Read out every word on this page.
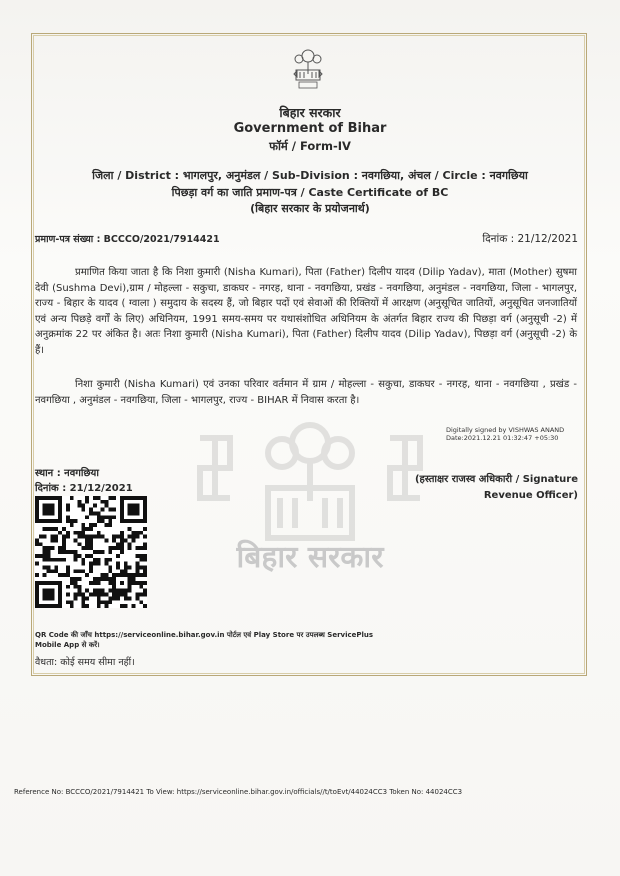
बिहार सरकार
बिहार सरकार
Government of Bihar
फॉर्म / Form-IV
जिला / District : भागलपुर, अनुमंडल / Sub-Division : नवगछिया, अंचल / Circle : नवगछिया
पिछड़ा वर्ग का जाति प्रमाण-पत्र / Caste Certificate of BC
(बिहार सरकार के प्रयोजनार्थ)
प्रमाण-पत्र संख्या : BCCCO/2021/7914421	दिनांक : 21/12/2021
प्रमाणित किया जाता है कि निशा कुमारी (Nisha Kumari), पिता (Father) दिलीप यादव (Dilip Yadav), माता (Mother) सुषमा देवी (Sushma Devi),ग्राम / मोहल्ला - सकुचा, डाकघर - नगरह, थाना - नवगछिया, प्रखंड - नवगछिया, अनुमंडल - नवगछिया, जिला - भागलपुर, राज्य - बिहार के यादव ( ग्वाला ) समुदाय के सदस्य हैं, जो बिहार पदों एवं सेवाओं की रिक्तियों में आरक्षण (अनुसूचित जातियों, अनुसूचित जनजातियों एवं अन्य पिछड़े वर्गों के लिए) अधिनियम, 1991 समय-समय पर यथासंशोधित अधिनियम के अंतर्गत बिहार राज्य की पिछड़ा वर्ग (अनुसूची -2) में अनुक्रमांक 22 पर अंकित है। अतः निशा कुमारी (Nisha Kumari), पिता (Father) दिलीप यादव (Dilip Yadav), पिछड़ा वर्ग (अनुसूची -2) के हैं।
निशा कुमारी (Nisha Kumari) एवं उनका परिवार वर्तमान में ग्राम / मोहल्ला - सकुचा, डाकघर - नगरह, थाना - नवगछिया , प्रखंड - नवगछिया , अनुमंडल - नवगछिया, जिला - भागलपुर, राज्य - BIHAR में निवास करता है।
Digitally signed by VISHWAS ANAND
Date:2021.12.21 01:32:47 +05:30
स्थान : नवगछिया
दिनांक : 21/12/2021
(हस्ताक्षर राजस्व अधिकारी / Signature
Revenue Officer)
QR Code की जाँच https://serviceonline.bihar.gov.in पोर्टल एवं Play Store पर उपलब्ध ServicePlus Mobile App से करें।
वैधता: कोई समय सीमा नहीं।
Reference No: BCCCO/2021/7914421 To View: https://serviceonline.bihar.gov.in/officials//t/toEvt/44024CC3 Token No: 44024CC3
